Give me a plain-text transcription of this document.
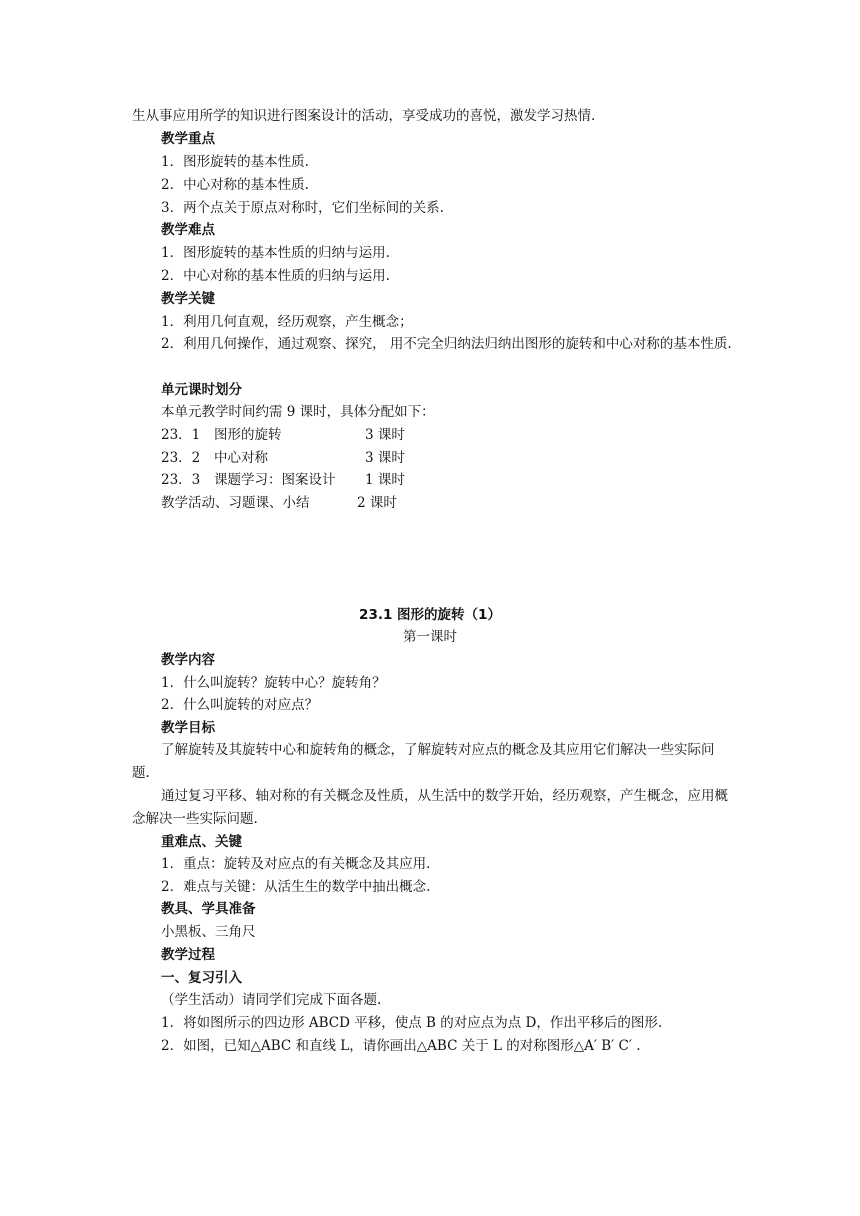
生从事应用所学的知识进行图案设计的活动，享受成功的喜悦，激发学习热情.
教学重点
1．图形旋转的基本性质.
2．中心对称的基本性质.
3．两个点关于原点对称时，它们坐标间的关系.
教学难点
1．图形旋转的基本性质的归纳与运用.
2．中心对称的基本性质的归纳与运用.
教学关键
1．利用几何直观，经历观察，产生概念；
2．利用几何操作，通过观察、探究， 用不完全归纳法归纳出图形的旋转和中心对称的基本性质.
单元课时划分
本单元教学时间约需 9 课时，具体分配如下：
23．1 图形的旋转	3 课时
23．2 中心对称	3 课时
23．3 课题学习：图案设计 1 课时
教学活动、习题课、小结	2 课时
23.1 图形的旋转（1）
第一课时
教学内容
1．什么叫旋转？旋转中心？旋转角？
2．什么叫旋转的对应点？
教学目标
了解旋转及其旋转中心和旋转角的概念，了解旋转对应点的概念及其应用它们解决一些实际问题.
通过复习平移、轴对称的有关概念及性质，从生活中的数学开始，经历观察，产生概念，应用概念解决一些实际问题.
重难点、关键
1．重点：旋转及对应点的有关概念及其应用.
2．难点与关键：从活生生的数学中抽出概念.
教具、学具准备
小黑板、三角尺
教学过程
一、复习引入
（学生活动）请同学们完成下面各题.
1．将如图所示的四边形 ABCD 平移，使点 B 的对应点为点 D，作出平移后的图形.
2．如图，已知△ABC 和直线 L，请你画出△ABC 关于 L 的对称图形△A′ B′ C′ .
